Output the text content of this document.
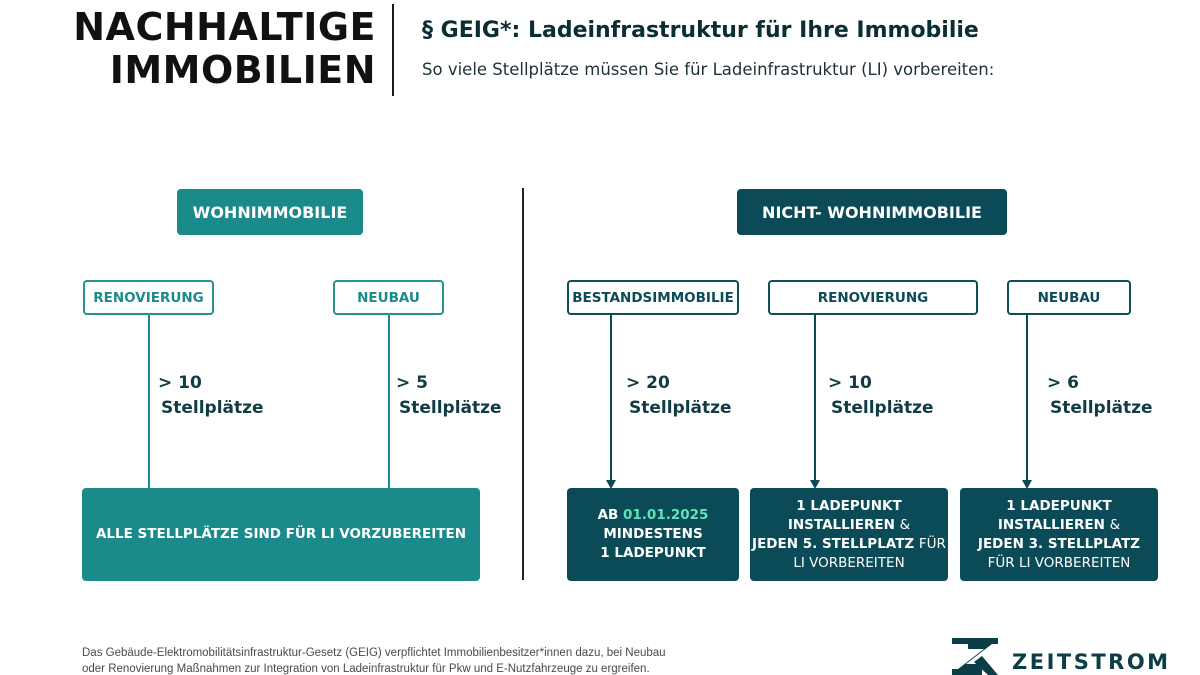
NACHHALTIGE
IMMOBILIEN
§ GEIG*: Ladeinfrastruktur für Ihre Immobilie
So viele Stellplätze müssen Sie für Ladeinfrastruktur (LI) vorbereiten:
WOHNIMMOBILIE
RENOVIERUNG	NEUBAU
> 10
Stellplätze
> 5
Stellplätze
ALLE STELLPLÄTZE SIND FÜR LI VORZUBEREITEN
NICHT- WOHNIMMOBILIE
BESTANDSIMMOBILIE	RENOVIERUNG	NEUBAU
> 20
Stellplätze
> 10
Stellplätze
> 6
Stellplätze
AB 01.01.2025
MINDESTENS
1 LADEPUNKT
1 LADEPUNKT
INSTALLIEREN &
JEDEN 5. STELLPLATZ FÜR
LI VORBEREITEN
1 LADEPUNKT
INSTALLIEREN &
JEDEN 3. STELLPLATZ
FÜR LI VORBEREITEN
Das Gebäude-Elektromobilitätsinfrastruktur-Gesetz (GEIG) verpflichtet Immobilienbesitzer*innen dazu, bei Neubau
oder Renovierung Maßnahmen zur Integration von Ladeinfrastruktur für Pkw und E-Nutzfahrzeuge zu ergreifen.	ZEITSTROM
